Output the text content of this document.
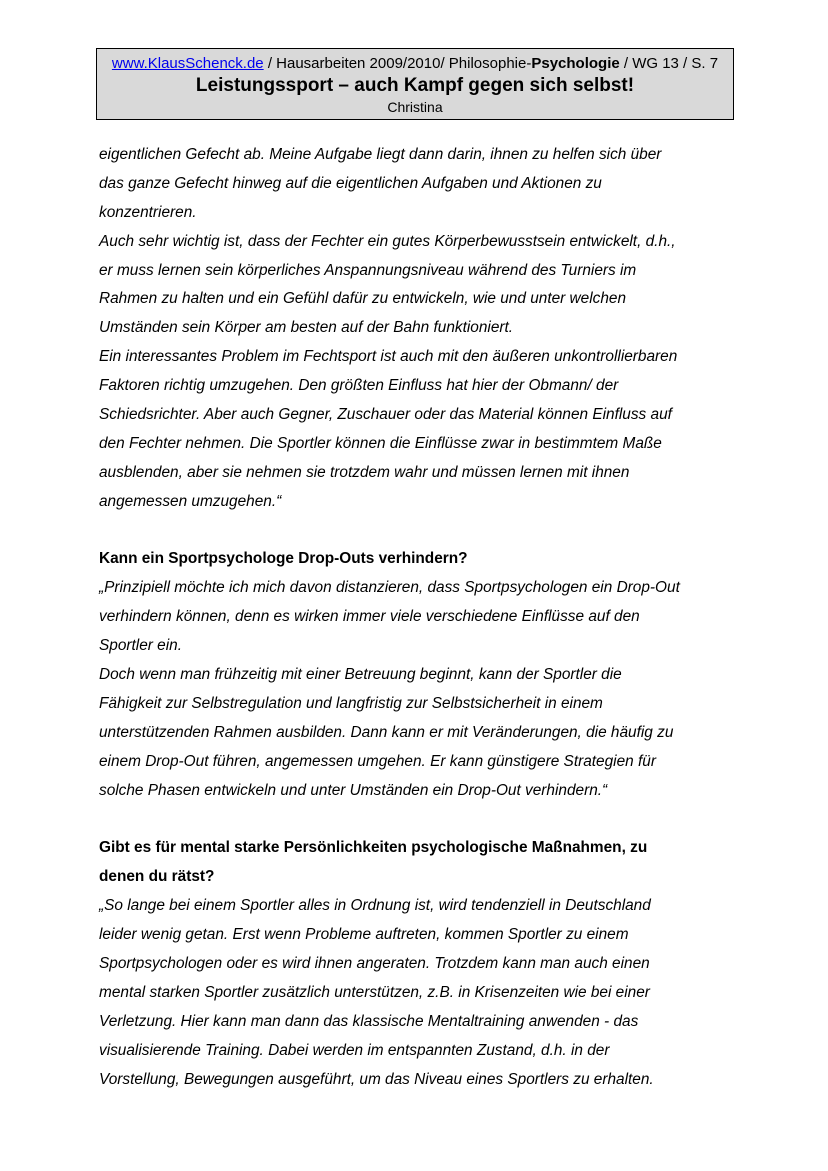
www.KlausSchenck.de / Hausarbeiten 2009/2010/ Philosophie-Psychologie / WG 13 / S. 7
Leistungssport – auch Kampf gegen sich selbst!
Christina
eigentlichen Gefecht ab. Meine Aufgabe liegt dann darin, ihnen zu helfen sich über
das ganze Gefecht hinweg auf die eigentlichen Aufgaben und Aktionen zu
konzentrieren.
Auch sehr wichtig ist, dass der Fechter ein gutes Körperbewusstsein entwickelt, d.h.,
er muss lernen sein körperliches Anspannungsniveau während des Turniers im
Rahmen zu halten und ein Gefühl dafür zu entwickeln, wie und unter welchen
Umständen sein Körper am besten auf der Bahn funktioniert.
Ein interessantes Problem im Fechtsport ist auch mit den äußeren unkontrollierbaren
Faktoren richtig umzugehen. Den größten Einfluss hat hier der Obmann/ der
Schiedsrichter. Aber auch Gegner, Zuschauer oder das Material können Einfluss auf
den Fechter nehmen. Die Sportler können die Einflüsse zwar in bestimmtem Maße
ausblenden, aber sie nehmen sie trotzdem wahr und müssen lernen mit ihnen
angemessen umzugehen.“
Kann ein Sportpsychologe Drop-Outs verhindern?
„Prinzipiell möchte ich mich davon distanzieren, dass Sportpsychologen ein Drop-Out
verhindern können, denn es wirken immer viele verschiedene Einflüsse auf den
Sportler ein.
Doch wenn man frühzeitig mit einer Betreuung beginnt, kann der Sportler die
Fähigkeit zur Selbstregulation und langfristig zur Selbstsicherheit in einem
unterstützenden Rahmen ausbilden. Dann kann er mit Veränderungen, die häufig zu
einem Drop-Out führen, angemessen umgehen. Er kann günstigere Strategien für
solche Phasen entwickeln und unter Umständen ein Drop-Out verhindern.“
Gibt es für mental starke Persönlichkeiten psychologische Maßnahmen, zu
denen du rätst?
„So lange bei einem Sportler alles in Ordnung ist, wird tendenziell in Deutschland
leider wenig getan. Erst wenn Probleme auftreten, kommen Sportler zu einem
Sportpsychologen oder es wird ihnen angeraten. Trotzdem kann man auch einen
mental starken Sportler zusätzlich unterstützen, z.B. in Krisenzeiten wie bei einer
Verletzung. Hier kann man dann das klassische Mentaltraining anwenden - das
visualisierende Training. Dabei werden im entspannten Zustand, d.h. in der
Vorstellung, Bewegungen ausgeführt, um das Niveau eines Sportlers zu erhalten.
